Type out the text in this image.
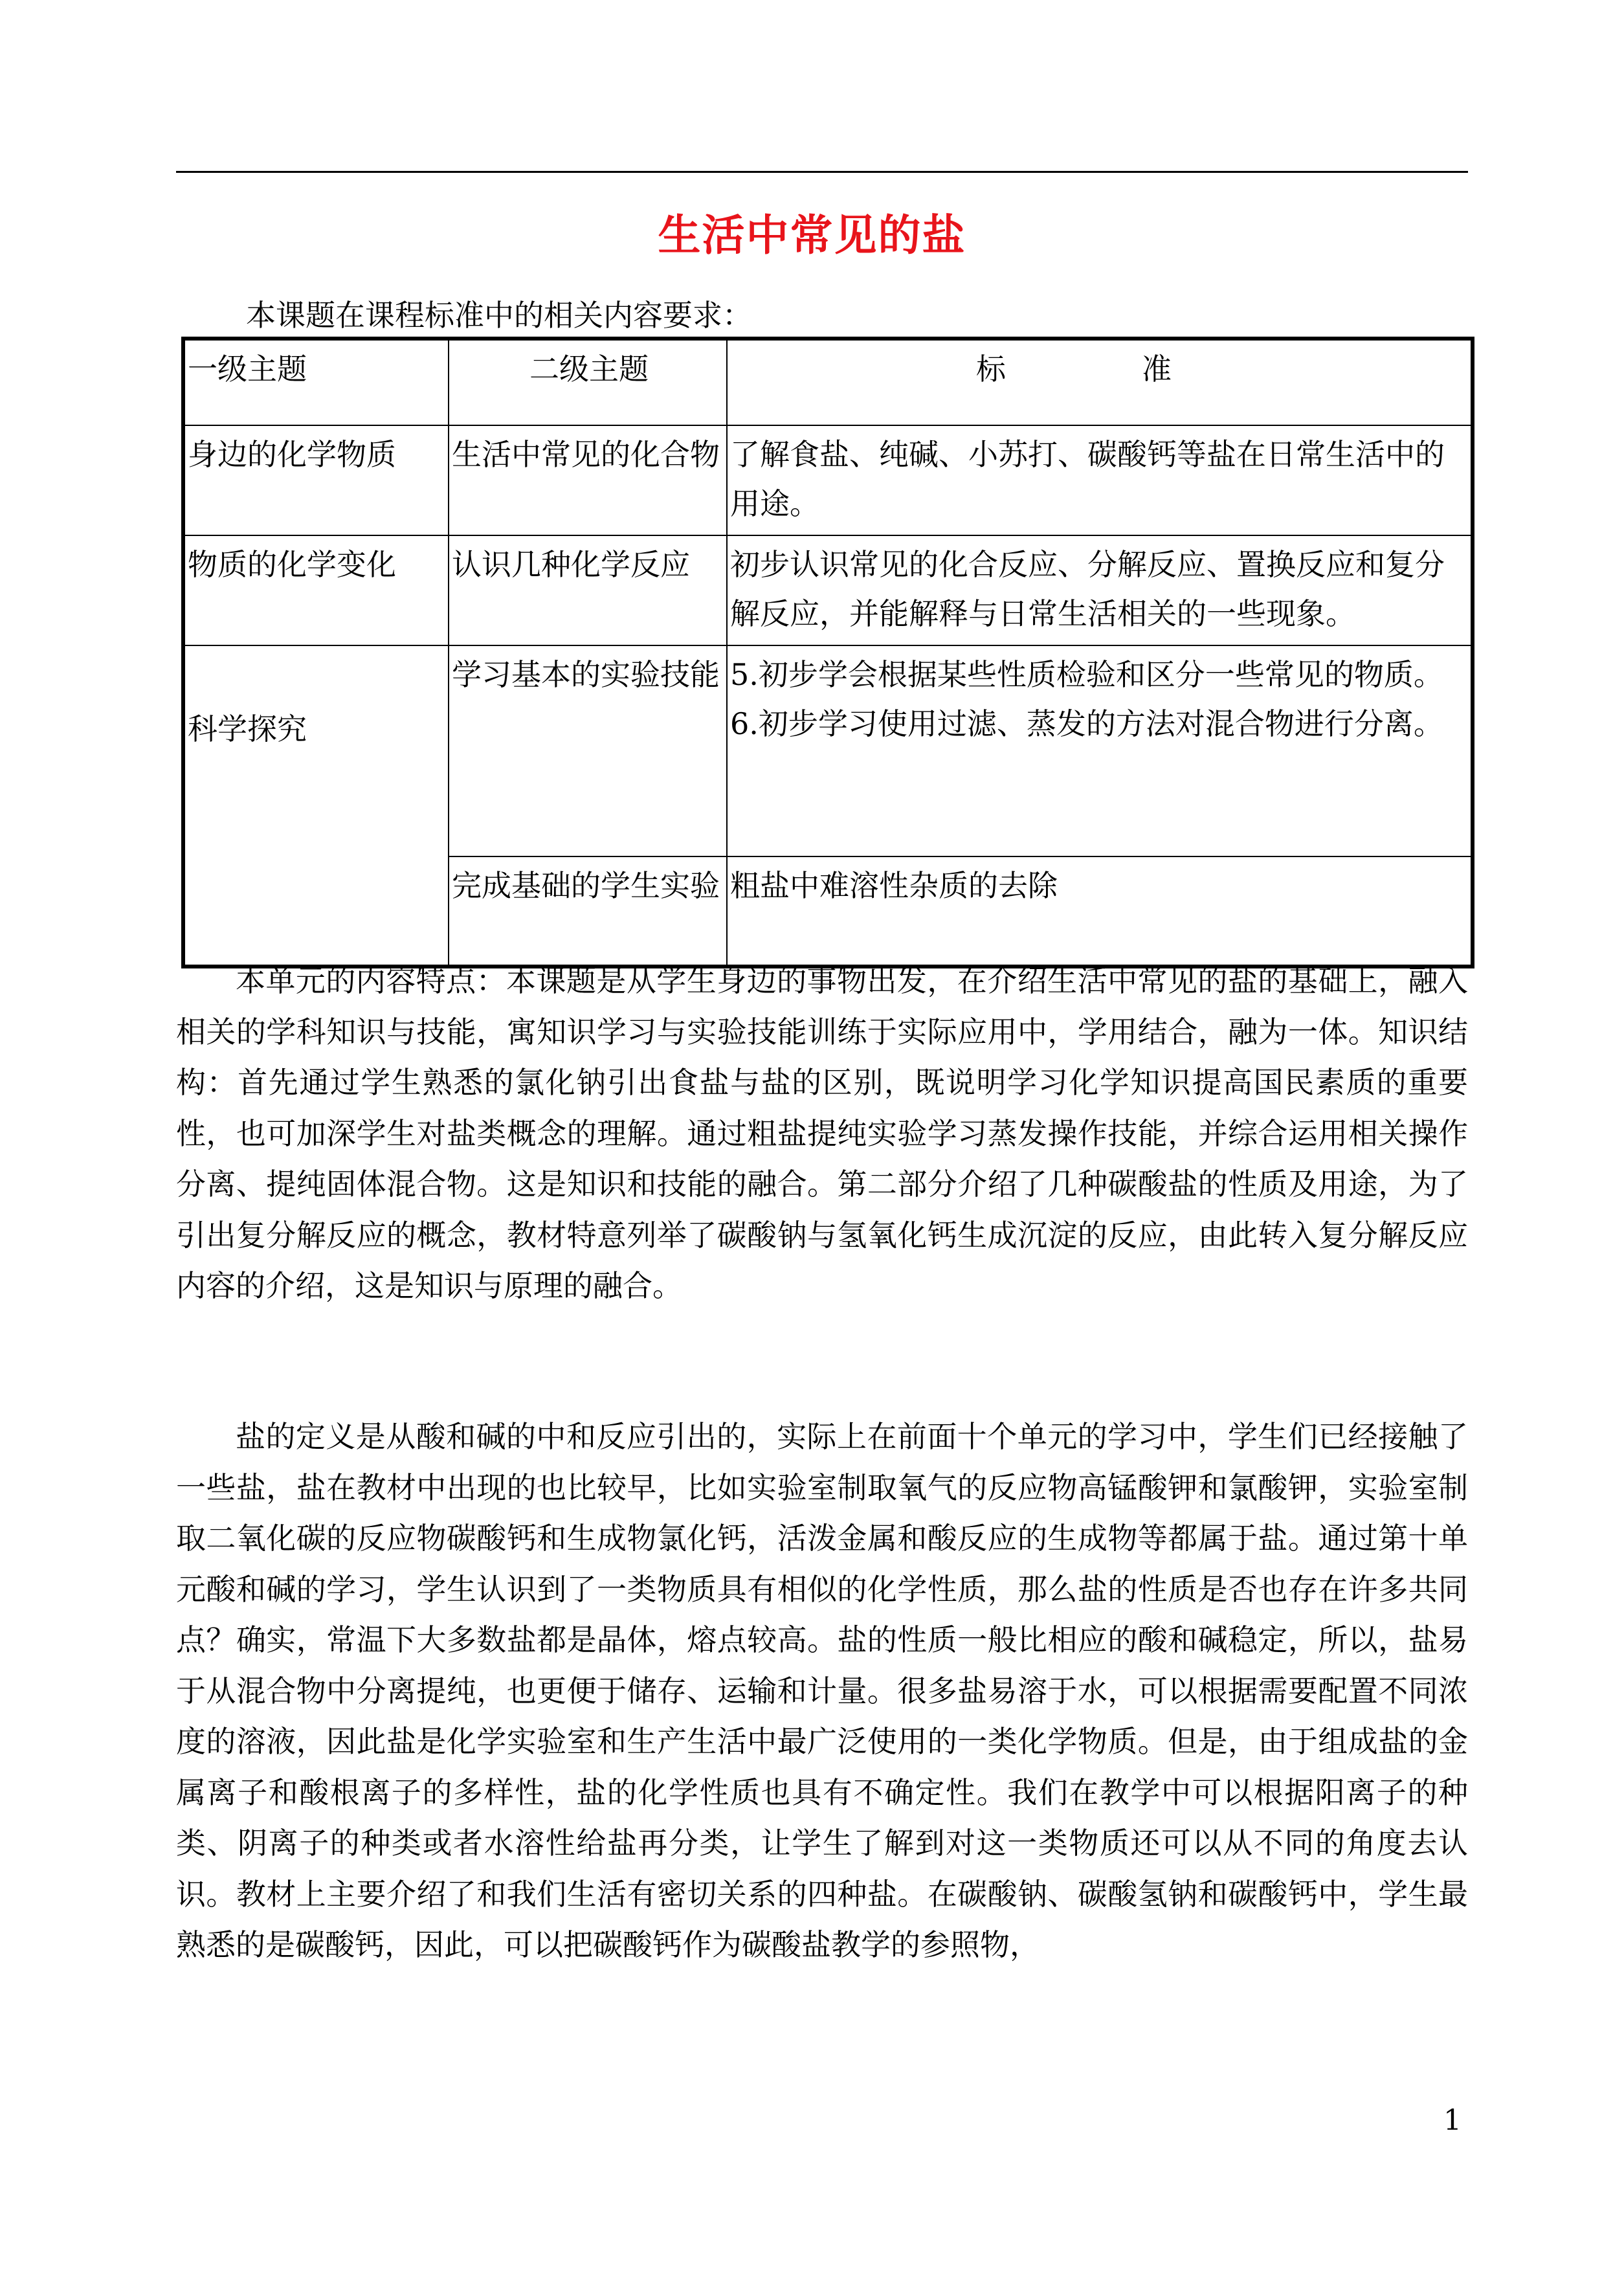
生活中常见的盐
本课题在课程标准中的相关内容要求：
一级主题	二级主题	标 准

身边的化学物质	生活中常见的化合物	了解食盐、纯碱、小苏打、碳酸钙等盐在日常生活中的用途。
物质的化学变化	认识几种化学反应	初步认识常见的化合反应、分解反应、置换反应和复分解反应，并能解释与日常生活相关的一些现象。
科学探究	学习基本的实验技能	5.初步学会根据某些性质检验和区分一些常见的物质。
6.初步学习使用过滤、蒸发的方法对混合物进行分离。

	完成基础的学生实验	粗盐中难溶性杂质的去除

本单元的内容特点：本课题是从学生身边的事物出发，在介绍生活中常见的盐的基础上，融入相关的学科知识与技能，寓知识学习与实验技能训练于实际应用中，学用结合，融为一体。知识结构：首先通过学生熟悉的氯化钠引出食盐与盐的区别，既说明学习化学知识提高国民素质的重要性，也可加深学生对盐类概念的理解。通过粗盐提纯实验学习蒸发操作技能，并综合运用相关操作分离、提纯固体混合物。这是知识和技能的融合。第二部分介绍了几种碳酸盐的性质及用途，为了引出复分解反应的概念，教材特意列举了碳酸钠与氢氧化钙生成沉淀的反应，由此转入复分解反应内容的介绍，这是知识与原理的融合。

盐的定义是从酸和碱的中和反应引出的，实际上在前面十个单元的学习中，学生们已经接触了一些盐，盐在教材中出现的也比较早，比如实验室制取氧气的反应物高锰酸钾和氯酸钾，实验室制取二氧化碳的反应物碳酸钙和生成物氯化钙，活泼金属和酸反应的生成物等都属于盐。通过第十单元酸和碱的学习，学生认识到了一类物质具有相似的化学性质，那么盐的性质是否也存在许多共同点？确实，常温下大多数盐都是晶体，熔点较高。盐的性质一般比相应的酸和碱稳定，所以，盐易于从混合物中分离提纯，也更便于储存、运输和计量。很多盐易溶于水，可以根据需要配置不同浓度的溶液，因此盐是化学实验室和生产生活中最广泛使用的一类化学物质。但是，由于组成盐的金属离子和酸根离子的多样性，盐的化学性质也具有不确定性。我们在教学中可以根据阳离子的种类、阴离子的种类或者水溶性给盐再分类，让学生了解到对这一类物质还可以从不同的角度去认识。教材上主要介绍了和我们生活有密切关系的四种盐。在碳酸钠、碳酸氢钠和碳酸钙中，学生最熟悉的是碳酸钙，因此，可以把碳酸钙作为碳酸盐教学的参照物，

1
